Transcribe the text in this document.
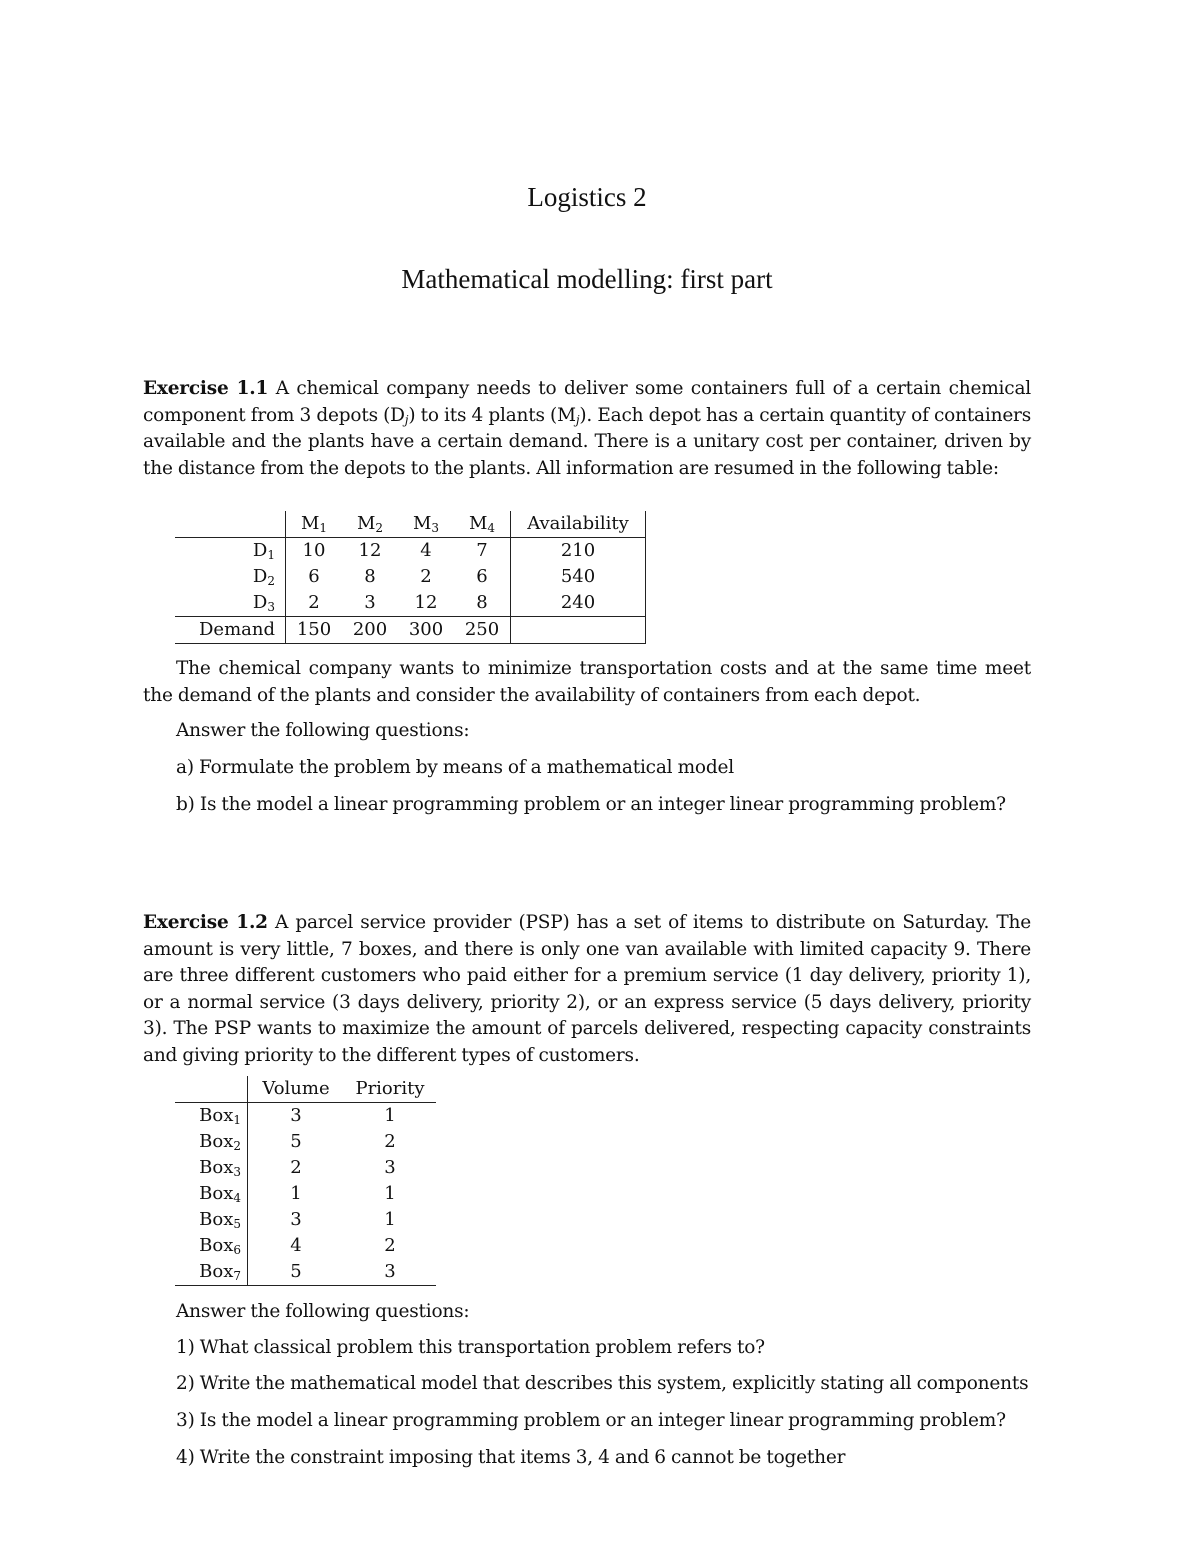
Logistics 2
Mathematical modelling: first part

Exercise 1.1 A chemical company needs to deliver some containers full of a certain chemical component from 3 depots $(D_j)$ to its 4 plants $(M_j)$. Each depot has a certain quantity of containers available and the plants have a certain demand. There is a unitary cost per container, driven by the distance from the depots to the plants. All information are resumed in the following table:

	$M_1$	$M_2$	$M_3$	$M_4$	Availability
$D_1$	10	12	4	7	210
$D_2$	6	8	2	6	540
$D_3$	2	3	12	8	240
Demand	150	200	300	250	

The chemical company wants to minimize transportation costs and at the same time meet the demand of the plants and consider the availability of containers from each depot.

Answer the following questions:

a) Formulate the problem by means of a mathematical model

b) Is the model a linear programming problem or an integer linear programming problem?

Exercise 1.2 A parcel service provider (PSP) has a set of items to distribute on Saturday. The amount is very little, 7 boxes, and there is only one van available with limited capacity 9. There are three different customers who paid either for a premium service (1 day delivery, priority 1), or a normal service (3 days delivery, priority 2), or an express service (5 days delivery, priority 3). The PSP wants to maximize the amount of parcels delivered, respecting capacity constraints and giving priority to the different types of customers.

	Volume	Priority
Box$_1$	3	1
Box$_2$	5	2
Box$_3$	2	3
Box$_4$	1	1
Box$_5$	3	1
Box$_6$	4	2
Box$_7$	5	3

Answer the following questions:

1) What classical problem this transportation problem refers to?

2) Write the mathematical model that describes this system, explicitly stating all components

3) Is the model a linear programming problem or an integer linear programming problem?

4) Write the constraint imposing that items 3, 4 and 6 cannot be together
